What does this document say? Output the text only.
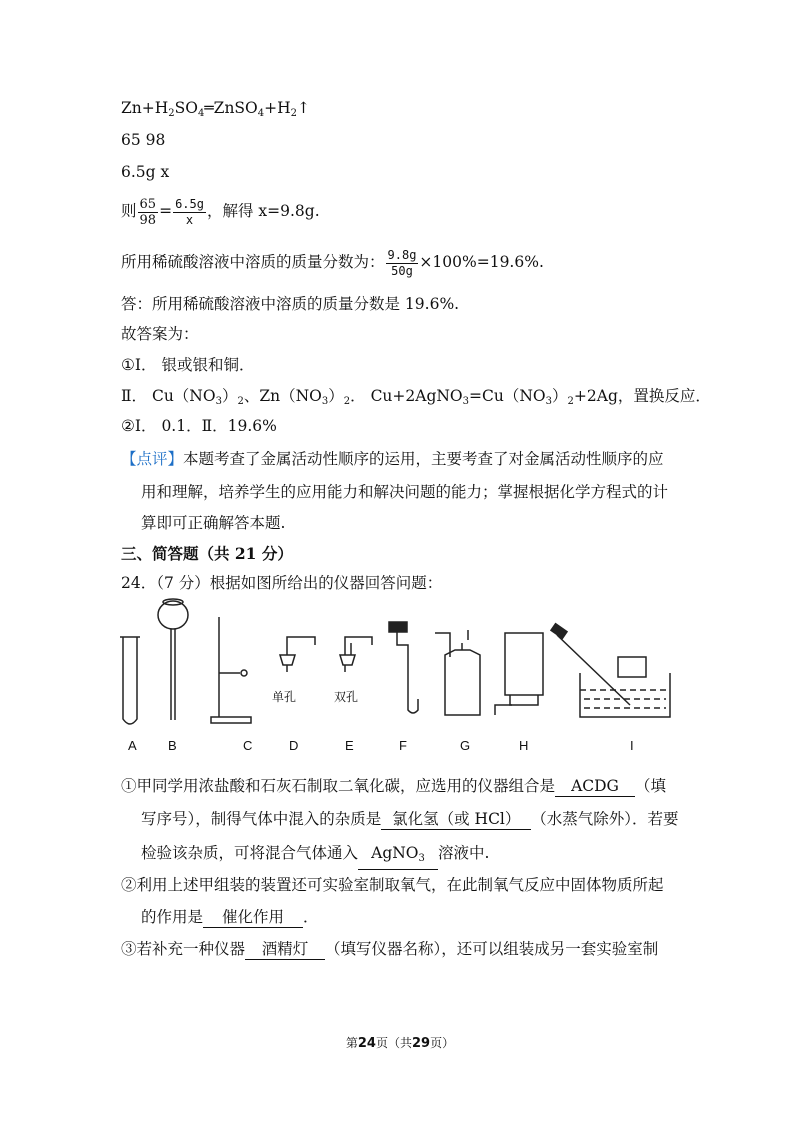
$Zn+H_2SO_4═ZnSO_4+H_2↑$
65 98
6.5g x
则 $\frac{65}{98} = \frac{6.5g}{x}$ ，解得 x=9.8g.
所用稀硫酸溶液中溶质的质量分数为： $\frac{9.8g}{50g} \times 100\%=19.6\%$.
答：所用稀硫酸溶液中溶质的质量分数是 19.6%.
故答案为：
①Ⅰ． 银或银和铜．
Ⅱ． $Cu(NO_3)_2$、$Zn(NO_3)_2$． $Cu+2AgNO_3=Cu(NO_3)_2+2Ag$，置换反应．
②Ⅰ． 0.1．Ⅱ．19.6%
【点评】本题考查了金属活动性顺序的运用，主要考查了对金属活动性顺序的应
用和理解，培养学生的应用能力和解决问题的能力；掌握根据化学方程式的计
算即可正确解答本题.
三、简答题（共 21 分）
24．（7 分）根据如图所给出的仪器回答问题：
单孔	双孔
A B	C	D	E	F	G	H	I
①甲同学用浓盐酸和石灰石制取二氧化碳，应选用的仪器组合是 ACDG （填
写序号），制得气体中混入的杂质是 氯化氢（或 HCl） （水蒸气除外）．若要
检验该杂质，可将混合气体通入 AgNO$_3$ 溶液中.
②利用上述甲组装的装置还可实验室制取氧气，在此制氧气反应中固体物质所起
的作用是 催化作用 ．
③若补充一种仪器 酒精灯 （填写仪器名称），还可以组装成另一套实验室制
第24页（共29页）
